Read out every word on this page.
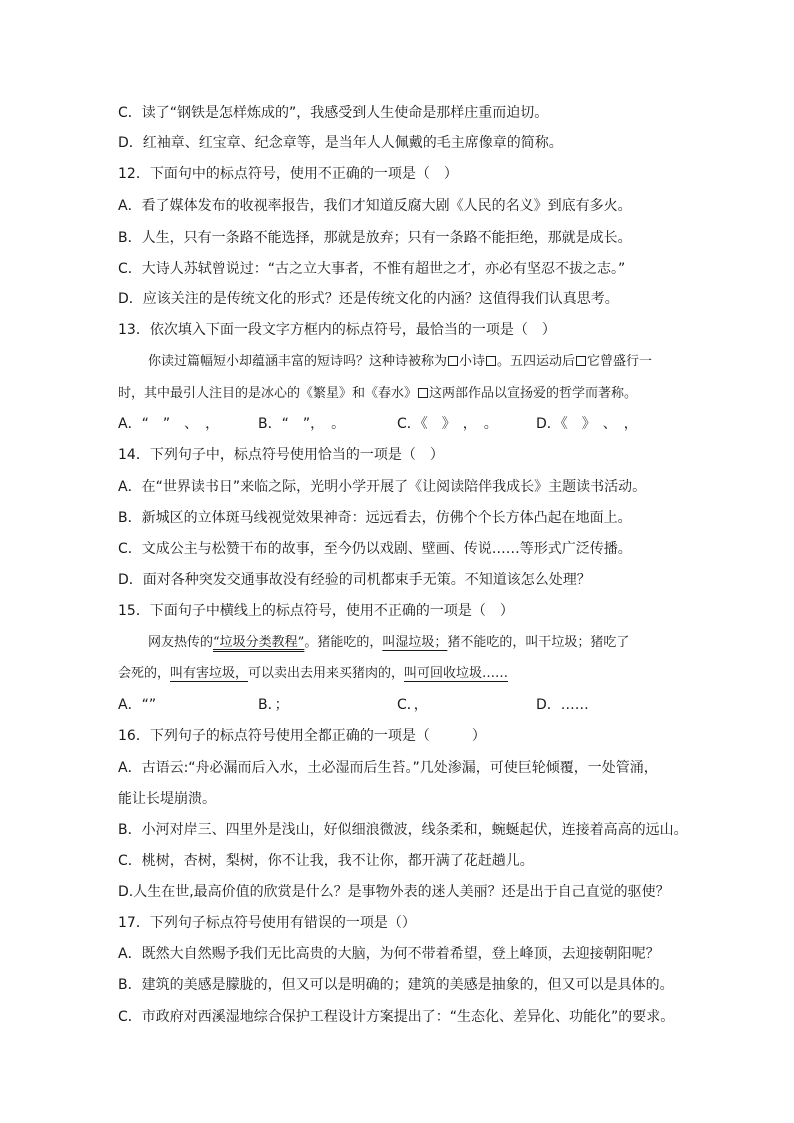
C．读了“钢铁是怎样炼成的”，我感受到人生使命是那样庄重而迫切。
D．红袖章、红宝章、纪念章等，是当年人人佩戴的毛主席像章的简称。
12．下面句中的标点符号，使用不正确的一项是（　）
A．看了媒体发布的收视率报告，我们才知道反腐大剧《人民的名义》到底有多火。
B．人生，只有一条路不能选择，那就是放弃；只有一条路不能拒绝，那就是成长。
C．大诗人苏轼曾说过：“古之立大事者，不惟有超世之才，亦必有坚忍不拔之志。”
D．应该关注的是传统文化的形式？还是传统文化的内涵？这值得我们认真思考。
13．依次填入下面一段文字方框内的标点符号，最恰当的一项是（　）
你读过篇幅短小却蕴涵丰富的短诗吗？这种诗被称为 小诗 。五四运动后 它曾盛行一
时，其中最引人注目的是冰心的《繁星》和《春水》 这两部作品以宣扬爱的哲学而著称。
A．“　”　、　，	B．“　”，　。	C．《　》　，　。	D．《　》　、　，
14．下列句子中，标点符号使用恰当的一项是（　）
A．在“世界读书日”来临之际，光明小学开展了《让阅读陪伴我成长》主题读书活动。
B．新城区的立体斑马线视觉效果神奇：远远看去，仿佛个个长方体凸起在地面上。
C．文成公主与松赞干布的故事，至今仍以戏剧、壁画、传说……等形式广泛传播。
D．面对各种突发交通事故没有经验的司机都束手无策。不知道该怎么处理？
15．下面句子中横线上的标点符号，使用不正确的一项是（　）
网友热传的“垃圾分类教程”。猪能吃的，叫湿垃圾；猪不能吃的，叫干垃圾；猪吃了
会死的，叫有害垃圾，可以卖出去用来买猪肉的，叫可回收垃圾……
A．“”	B．；	C．，	D．……
16．下列句子的标点符号使用全都正确的一项是（　　　）
A．古语云:“舟必漏而后入水，土必湿而后生苔。”几处渗漏，可使巨轮倾覆，一处管涌，
能让长堤崩溃。
B．小河对岸三、四里外是浅山，好似细浪微波，线条柔和，蜿蜒起伏，连接着高高的远山。
C．桃树，杏树，梨树，你不让我，我不让你，都开满了花赶趟儿。
D.人生在世,最高价值的欣赏是什么？是事物外表的迷人美丽？还是出于自己直觉的驱使？
17．下列句子标点符号使用有错误的一项是（）
A．既然大自然赐予我们无比高贵的大脑，为何不带着希望，登上峰顶，去迎接朝阳呢？
B．建筑的美感是朦胧的，但又可以是明确的；建筑的美感是抽象的，但又可以是具体的。
C．市政府对西溪湿地综合保护工程设计方案提出了：“生态化、差异化、功能化”的要求。
